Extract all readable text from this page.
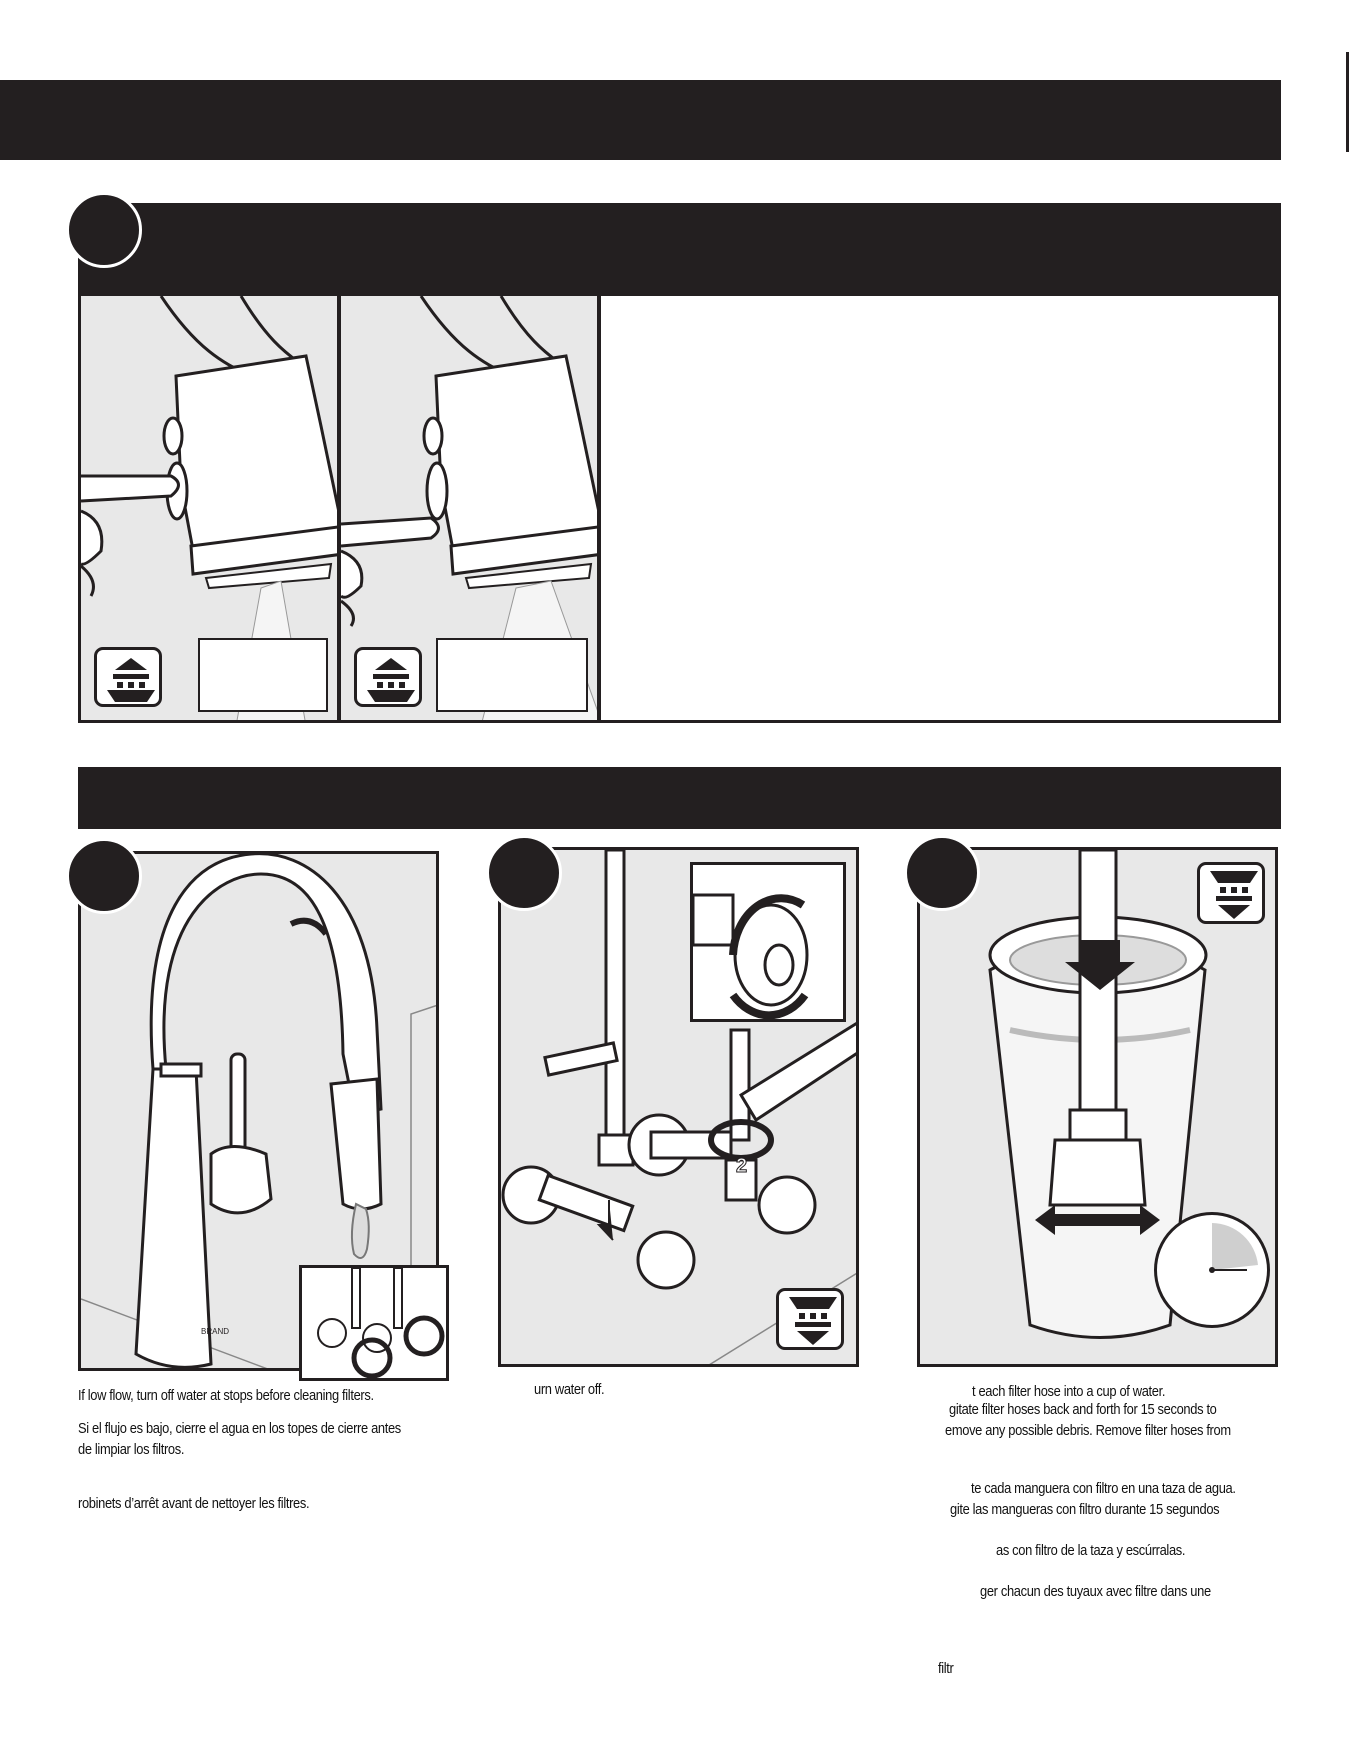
BRAND
If low flow, turn off water at stops before cleaning filters.
Si el flujo es bajo, cierre el agua en los topes de cierre antes
de limpiar los filtros.
robinets d’arrêt avant de nettoyer les filtres.
2
urn water off.	t each filter hose into a cup of water.
gitate filter hoses back and forth for 15 seconds to
emove any possible debris. Remove filter hoses from
te cada manguera con filtro en una taza de agua.
gite las mangueras con filtro durante 15 segundos
as con filtro de la taza y escúrralas.
ger chacun des tuyaux avec filtre dans une
filtr
